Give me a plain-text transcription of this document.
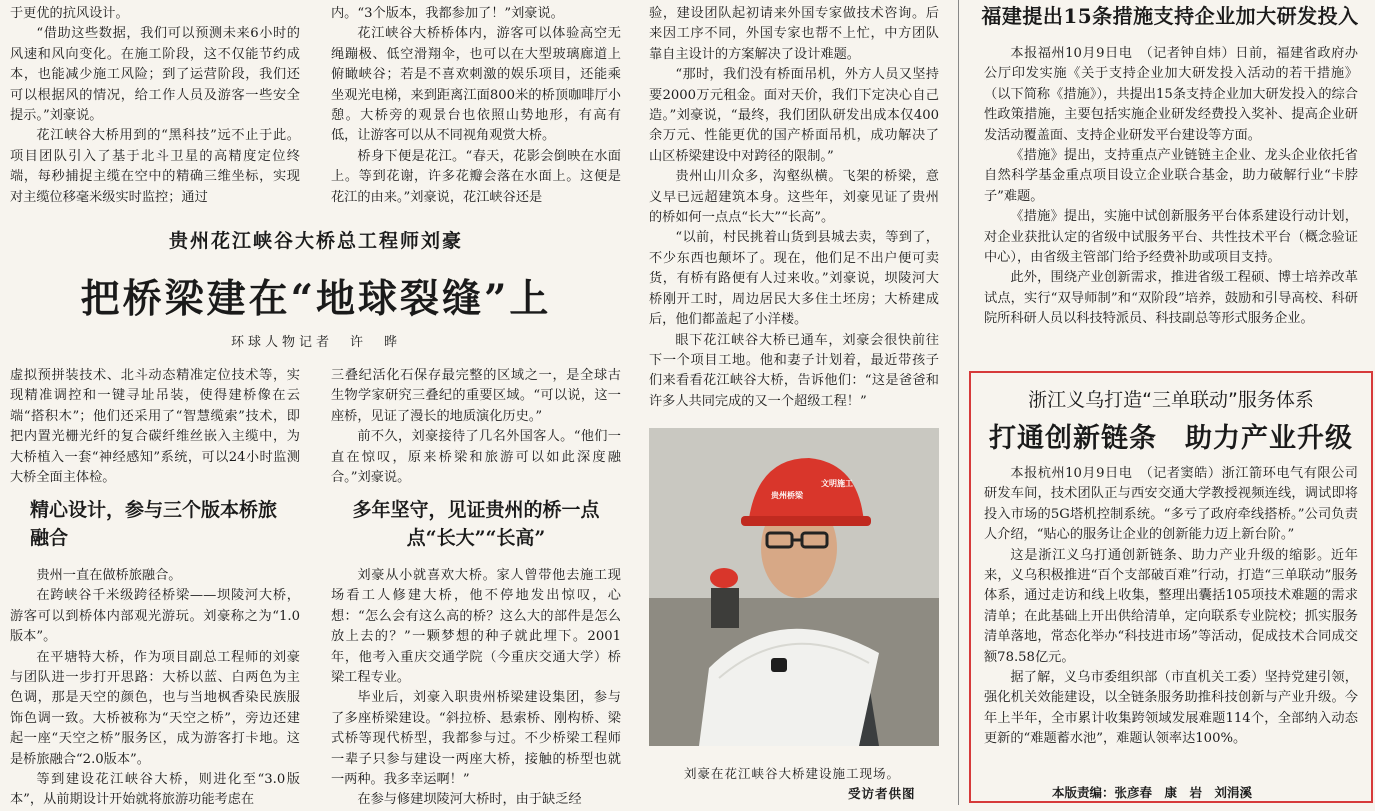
于更优的抗风设计。

“借助这些数据，我们可以预测未来6小时的风速和风向变化。在施工阶段，这不仅能节约成本，也能减少施工风险；到了运营阶段，我们还可以根据风的情况，给工作人员及游客一些安全提示。”刘豪说。

花江峡谷大桥用到的“黑科技”远不止于此。项目团队引入了基于北斗卫星的高精度定位终端，每秒捕捉主缆在空中的精确三维坐标，实现对主缆位移毫米级实时监控；通过

内。“3个版本，我都参加了！”刘豪说。

花江峡谷大桥桥体内，游客可以体验高空无绳蹦极、低空滑翔伞，也可以在大型玻璃廊道上俯瞰峡谷；若是不喜欢刺激的娱乐项目，还能乘坐观光电梯，来到距离江面800米的桥顶咖啡厅小憩。大桥旁的观景台也依照山势地形，有高有低，让游客可以从不同视角观赏大桥。

桥身下便是花江。“春天，花影会倒映在水面上。等到花谢，许多花瓣会落在水面上。这便是花江的由来。”刘豪说，花江峡谷还是

贵州花江峡谷大桥总工程师刘豪
把桥梁建在“地球裂缝”上
环球人物记者　许　晔

虚拟预拼装技术、北斗动态精准定位技术等，实现精准调控和一键寻址吊装，使得建桥像在云端“搭积木”；他们还采用了“智慧缆索”技术，即把内置光栅光纤的复合碳纤维丝嵌入主缆中，为大桥植入一套“神经感知”系统，可以24小时监测大桥全面主体检。

精心设计，参与三个版本桥旅融合

贵州一直在做桥旅融合。

在跨峡谷千米级跨径桥梁——坝陵河大桥，游客可以到桥体内部观光游玩。刘豪称之为“1.0版本”。

在平塘特大桥，作为项目副总工程师的刘豪与团队进一步打开思路：大桥以蓝、白两色为主色调，那是天空的颜色，也与当地枫香染民族服饰色调一致。大桥被称为“天空之桥”，旁边还建起一座“天空之桥”服务区，成为游客打卡地。这是桥旅融合“2.0版本”。

等到建设花江峡谷大桥，则进化至“3.0版本”，从前期设计开始就将旅游功能考虑在

三叠纪活化石保存最完整的区域之一，是全球古生物学家研究三叠纪的重要区域。“可以说，这一座桥，见证了漫长的地质演化历史。”

前不久，刘豪接待了几名外国客人。“他们一直在惊叹，原来桥梁和旅游可以如此深度融合。”刘豪说。

多年坚守，见证贵州的桥一点点“长大”“长高”

刘豪从小就喜欢大桥。家人曾带他去施工现场看工人修建大桥，他不停地发出惊叹，心想：“怎么会有这么高的桥？这么大的部件是怎么放上去的？”一颗梦想的种子就此埋下。2001年，他考入重庆交通学院（今重庆交通大学）桥梁工程专业。

毕业后，刘豪入职贵州桥梁建设集团，参与了多座桥梁建设。“斜拉桥、悬索桥、刚构桥、梁式桥等现代桥型，我都参与过。不少桥梁工程师一辈子只参与建设一两座大桥，接触的桥型也就一两种。我多幸运啊！”

在参与修建坝陵河大桥时，由于缺乏经

验，建设团队起初请来外国专家做技术咨询。后来因工序不同，外国专家也帮不上忙，中方团队靠自主设计的方案解决了设计难题。

“那时，我们没有桥面吊机，外方人员又坚持要2000万元租金。面对天价，我们下定决心自己造。”刘豪说，“最终，我们团队研发出成本仅400余万元、性能更优的国产桥面吊机，成功解决了山区桥梁建设中对跨径的限制。”

贵州山川众多，沟壑纵横。飞架的桥梁，意义早已远超建筑本身。这些年，刘豪见证了贵州的桥如何一点点“长大”“长高”。

“以前，村民挑着山货到县城去卖，等到了，不少东西也颠坏了。现在，他们足不出户便可卖货，有桥有路便有人过来收。”刘豪说，坝陵河大桥刚开工时，周边居民大多住土坯房；大桥建成后，他们都盖起了小洋楼。

眼下花江峡谷大桥已通车，刘豪会很快前往下一个项目工地。他和妻子计划着，最近带孩子们来看看花江峡谷大桥，告诉他们：“这是爸爸和许多人共同完成的又一个超级工程！”

贵州桥梁
文明施工
刘豪在花江峡谷大桥建设施工现场。
受访者供图
福建提出15条措施支持企业加大研发投入

本报福州10月9日电　（记者钟自炜）日前，福建省政府办公厅印发实施《关于支持企业加大研发投入活动的若干措施》（以下简称《措施》），共提出15条支持企业加大研发投入的综合性政策措施，主要包括实施企业研发经费投入奖补、提高企业研发活动覆盖面、支持企业研发平台建设等方面。

《措施》提出，支持重点产业链链主企业、龙头企业依托省自然科学基金重点项目设立企业联合基金，助力破解行业“卡脖子”难题。

《措施》提出，实施中试创新服务平台体系建设行动计划，对企业获批认定的省级中试服务平台、共性技术平台（概念验证中心），由省级主管部门给予经费补助或项目支持。

此外，围绕产业创新需求，推进省级工程硕、博士培养改革试点，实行“双导师制”和“双阶段”培养，鼓励和引导高校、科研院所科研人员以科技特派员、科技副总等形式服务企业。

浙江义乌打造“三单联动”服务体系
打通创新链条　助力产业升级

本报杭州10月9日电　（记者窦皓）浙江箭环电气有限公司研发车间，技术团队正与西安交通大学教授视频连线，调试即将投入市场的5G塔机控制系统。“多亏了政府牵线搭桥。”公司负责人介绍，“贴心的服务让企业的创新能力迈上新台阶。”

这是浙江义乌打通创新链条、助力产业升级的缩影。近年来，义乌积极推进“百个支部破百难”行动，打造“三单联动”服务体系，通过走访和线上收集，整理出囊括105项技术难题的需求清单；在此基础上开出供给清单，定向联系专业院校；抓实服务清单落地，常态化举办“科技进市场”等活动，促成技术合同成交额78.58亿元。

据了解，义乌市委组织部（市直机关工委）坚持党建引领，强化机关效能建设，以全链条服务助推科技创新与产业升级。今年上半年，全市累计收集跨领域发展难题114个，全部纳入动态更新的“难题蓄水池”，难题认领率达100%。

本版责编：张彦春　康　岩　刘涓溪
